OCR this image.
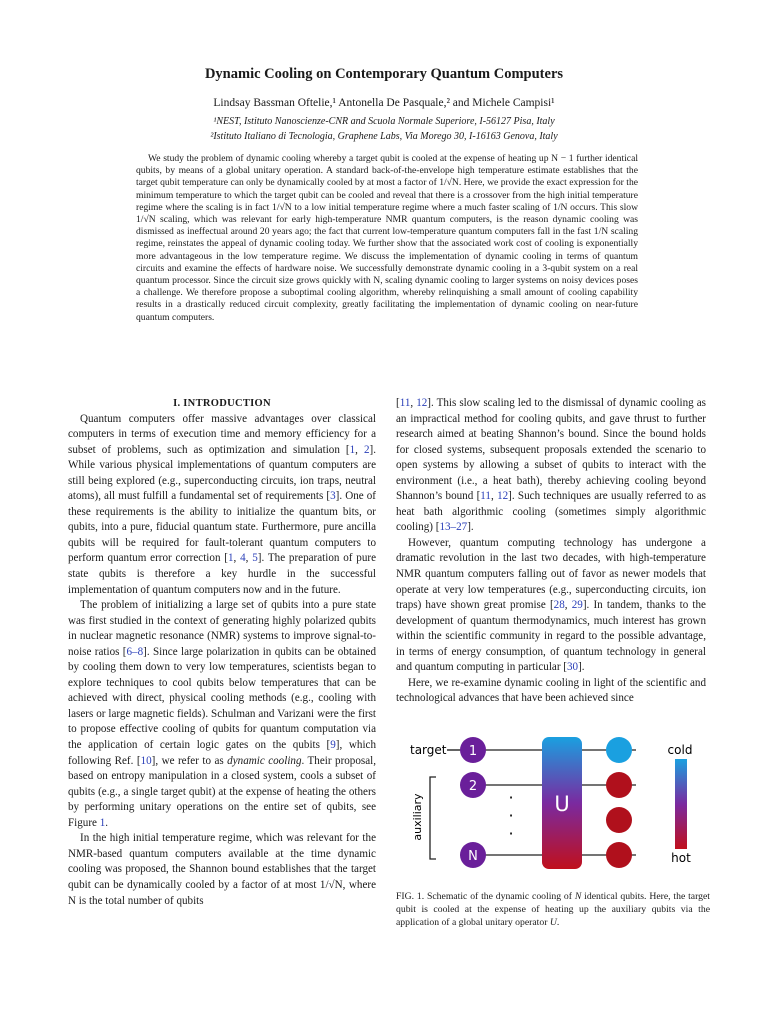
Dynamic Cooling on Contemporary Quantum Computers
Lindsay Bassman Oftelie,¹ Antonella De Pasquale,² and Michele Campisi¹
¹NEST, Istituto Nanoscienze-CNR and Scuola Normale Superiore, I-56127 Pisa, Italy
²Istituto Italiano di Tecnologia, Graphene Labs, Via Morego 30, I-16163 Genova, Italy
We study the problem of dynamic cooling whereby a target qubit is cooled at the expense of heating up N − 1 further identical qubits, by means of a global unitary operation. A standard back-of-the-envelope high temperature estimate establishes that the target qubit temperature can only be dynamically cooled by at most a factor of 1/√N. Here, we provide the exact expression for the minimum temperature to which the target qubit can be cooled and reveal that there is a crossover from the high initial temperature regime where the scaling is in fact 1/√N to a low initial temperature regime where a much faster scaling of 1/N occurs. This slow 1/√N scaling, which was relevant for early high-temperature NMR quantum computers, is the reason dynamic cooling was dismissed as ineffectual around 20 years ago; the fact that current low-temperature quantum computers fall in the fast 1/N scaling regime, reinstates the appeal of dynamic cooling today. We further show that the associated work cost of cooling is exponentially more advantageous in the low temperature regime. We discuss the implementation of dynamic cooling in terms of quantum circuits and examine the effects of hardware noise. We successfully demonstrate dynamic cooling in a 3-qubit system on a real quantum processor. Since the circuit size grows quickly with N, scaling dynamic cooling to larger systems on noisy devices poses a challenge. We therefore propose a suboptimal cooling algorithm, whereby relinquishing a small amount of cooling capability results in a drastically reduced circuit complexity, greatly facilitating the implementation of dynamic cooling on near-future quantum computers.

I. INTRODUCTION

Quantum computers offer massive advantages over classical computers in terms of execution time and memory efficiency for a subset of problems, such as optimization and simulation [1, 2]. While various physical implementations of quantum computers are still being explored (e.g., superconducting circuits, ion traps, neutral atoms), all must fulfill a fundamental set of requirements [3]. One of these requirements is the ability to initialize the quantum bits, or qubits, into a pure, fiducial quantum state. Furthermore, pure ancilla qubits will be required for fault-tolerant quantum computers to perform quantum error correction [1, 4, 5]. The preparation of pure state qubits is therefore a key hurdle in the successful implementation of quantum computers now and in the future.

The problem of initializing a large set of qubits into a pure state was first studied in the context of generating highly polarized qubits in nuclear magnetic resonance (NMR) systems to improve signal-to-noise ratios [6–8]. Since large polarization in qubits can be obtained by cooling them down to very low temperatures, scientists began to explore techniques to cool qubits below temperatures that can be achieved with direct, physical cooling methods (e.g., cooling with lasers or large magnetic fields). Schulman and Varizani were the first to propose effective cooling of qubits for quantum computation via the application of certain logic gates on the qubits [9], which following Ref. [10], we refer to as dynamic cooling. Their proposal, based on entropy manipulation in a closed system, cools a subset of qubits (e.g., a single target qubit) at the expense of heating the others by performing unitary operations on the entire set of qubits, see Figure 1.

In the high initial temperature regime, which was relevant for the NMR-based quantum computers available at the time dynamic cooling was proposed, the Shannon bound establishes that the target qubit can be dynamically cooled by a factor of at most 1/√N, where N is the total number of qubits

[11, 12]. This slow scaling led to the dismissal of dynamic cooling as an impractical method for cooling qubits, and gave thrust to further research aimed at beating Shannon’s bound. Since the bound holds for closed systems, subsequent proposals extended the scenario to open systems by allowing a subset of qubits to interact with the environment (i.e., a heat bath), thereby achieving cooling beyond Shannon’s bound [11, 12]. Such techniques are usually referred to as heat bath algorithmic cooling (sometimes simply algorithmic cooling) [13–27].

However, quantum computing technology has undergone a dramatic revolution in the last two decades, with high-temperature NMR quantum computers falling out of favor as newer models that operate at very low temperatures (e.g., superconducting circuits, ion traps) have shown great promise [28, 29]. In tandem, thanks to the development of quantum thermodynamics, much interest has grown within the scientific community in regard to the possible advantage, in terms of energy consumption, of quantum technology in general and quantum computing in particular [30].

Here, we re-examine dynamic cooling in light of the scientific and technological advances that have been achieved since

target
auxiliary
1
2
N
·
·
·
U
cold
hot
FIG. 1. Schematic of the dynamic cooling of N identical qubits. Here, the target qubit is cooled at the expense of heating up the auxiliary qubits via the application of a global unitary operator U.
